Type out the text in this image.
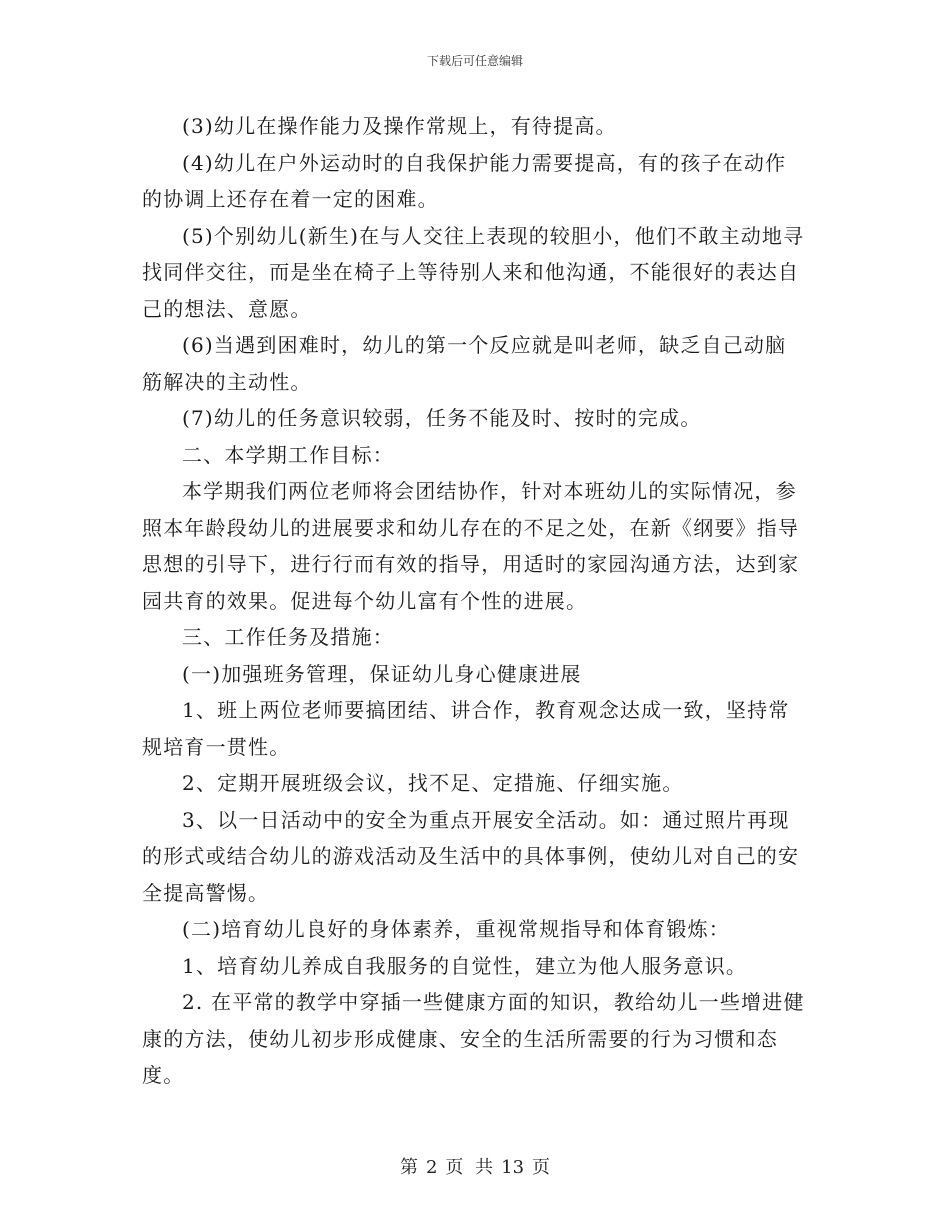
下载后可任意编辑

(3)幼儿在操作能力及操作常规上，有待提高。

(4)幼儿在户外运动时的自我保护能力需要提高，有的孩子在动作的协调上还存在着一定的困难。

(5)个别幼儿(新生)在与人交往上表现的较胆小，他们不敢主动地寻找同伴交往，而是坐在椅子上等待别人来和他沟通，不能很好的表达自己的想法、意愿。

(6)当遇到困难时，幼儿的第一个反应就是叫老师，缺乏自己动脑筋解决的主动性。

(7)幼儿的任务意识较弱，任务不能及时、按时的完成。

二、本学期工作目标：

本学期我们两位老师将会团结协作，针对本班幼儿的实际情况，参照本年龄段幼儿的进展要求和幼儿存在的不足之处，在新《纲要》指导思想的引导下，进行行而有效的指导，用适时的家园沟通方法，达到家园共育的效果。促进每个幼儿富有个性的进展。

三、工作任务及措施：

(一)加强班务管理，保证幼儿身心健康进展

1、班上两位老师要搞团结、讲合作，教育观念达成一致，坚持常规培育一贯性。

2、定期开展班级会议，找不足、定措施、仔细实施。

3、以一日活动中的安全为重点开展安全活动。如：通过照片再现的形式或结合幼儿的游戏活动及生活中的具体事例，使幼儿对自己的安全提高警惕。

(二)培育幼儿良好的身体素养，重视常规指导和体育锻炼：

1、培育幼儿养成自我服务的自觉性，建立为他人服务意识。

2. 在平常的教学中穿插一些健康方面的知识，教给幼儿一些增进健康的方法，使幼儿初步形成健康、安全的生活所需要的行为习惯和态度。

第 2 页 共 13 页
